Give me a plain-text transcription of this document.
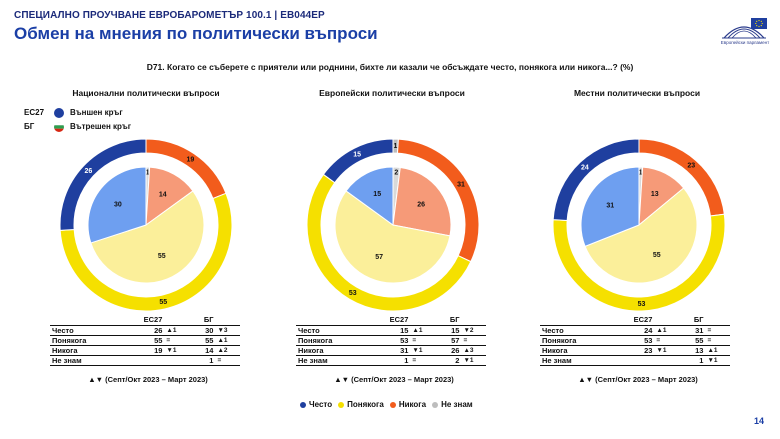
СПЕЦИАЛНО ПРОУЧВАНЕ ЕВРОБАРОМЕТЪР 100.1 | EB044EP
Обмен на мнения по политически въпроси	Европейски парламент
D71. Когато се съберете с приятели или роднини, бихте ли казали че обсъждате често, понякога или никога...? (%)
ЕС27	Външен кръг
БГ	Вътрешен кръг
Национални политически въпроси
19
55
26	1
14
55
30
Европейски политически въпроси
1
31
53
15
2
26
57
15
Местни политически въпроси
23
53
24
1
13
55
31
	ЕС27		БГ	
Често	26	▲1	30	▼3
Понякога	55	=	55	▲1
Никога	19	▼1	14	▲2
Не знам			1	=
	ЕС27		БГ	
Често	15	▲1	15	▼2
Понякога	53	=	57	=
Никога	31	▼1	26	▲3
Не знам	1	=	2	▼1
	ЕС27		БГ	
Често	24	▲1	31	=
Понякога	53	=	55	=
Никога	23	▼1	13	▲1
Не знам			1	▼1
▲▼ (Септ/Окт 2023 – Март 2023)	▲▼ (Септ/Окт 2023 – Март 2023)	▲▼ (Септ/Окт 2023 – Март 2023)
Често Понякога Никога Не знам
14
